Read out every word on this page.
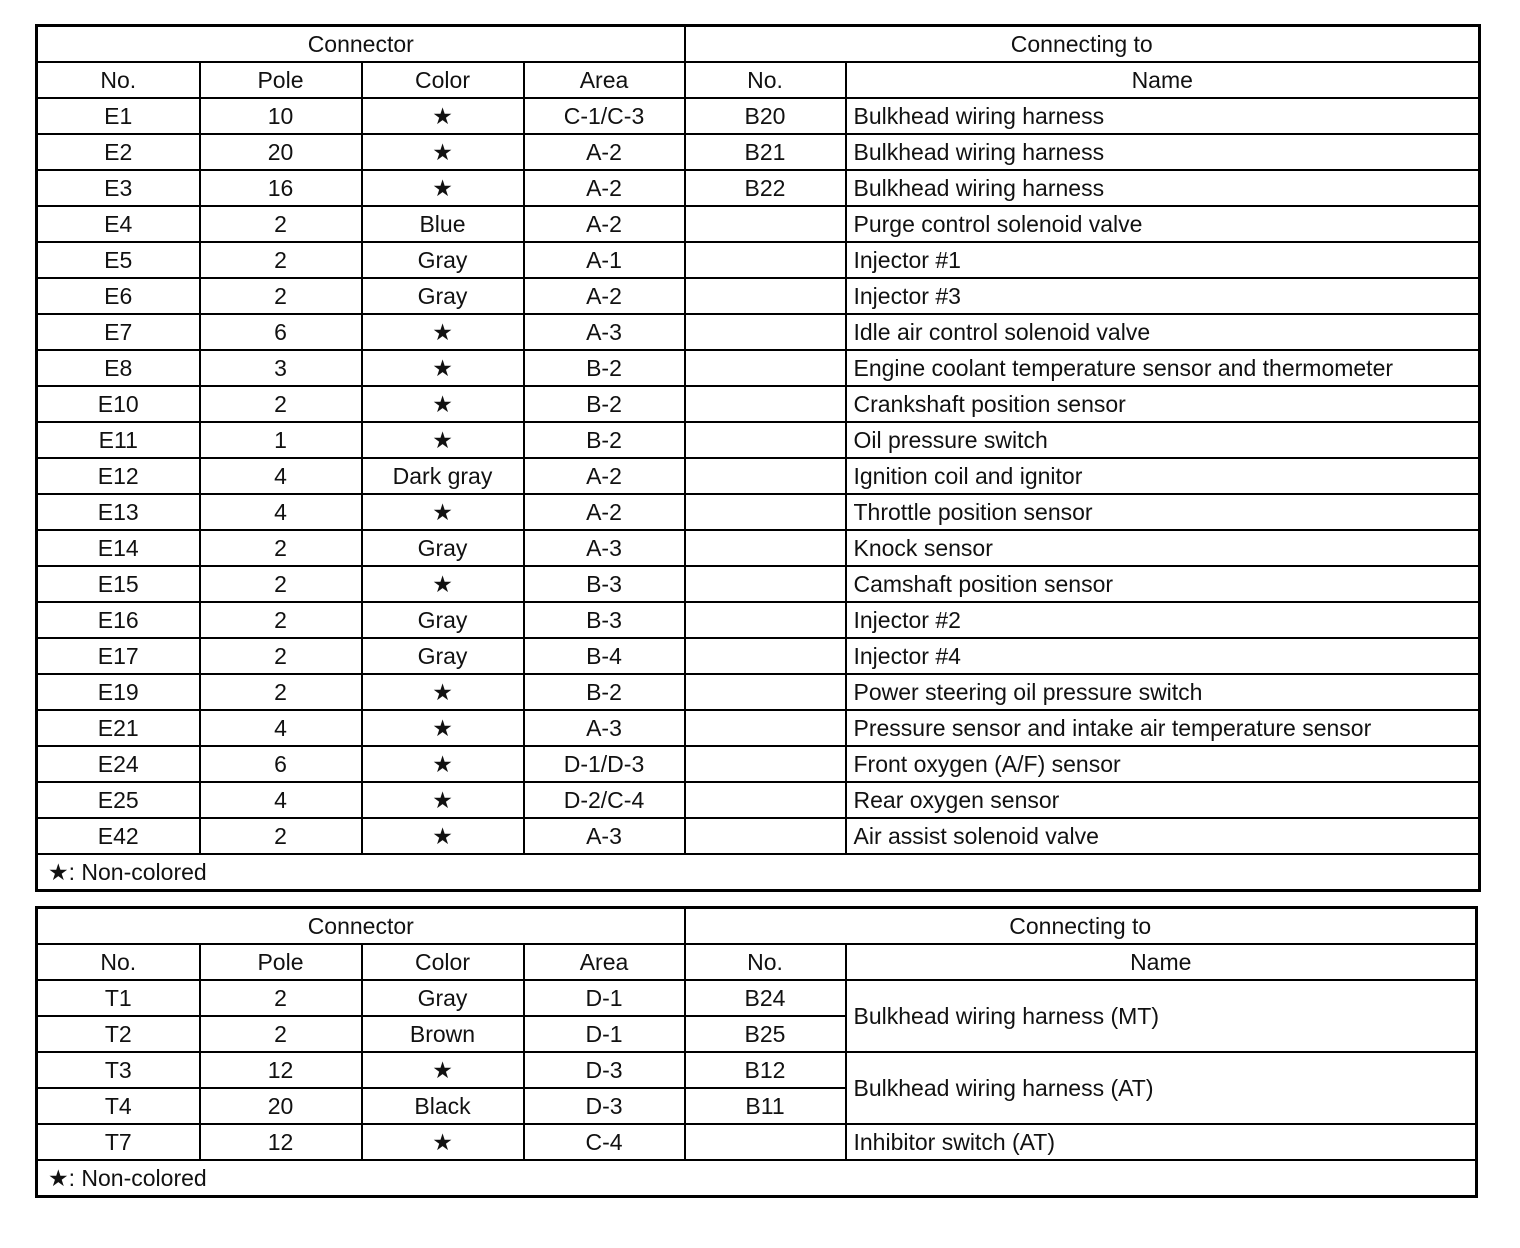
Connector				Connecting to	
No.	Pole	Color	Area	No.	Name
E1	10	★	C-1/C-3	B20	Bulkhead wiring harness
E2	20	★	A-2	B21	Bulkhead wiring harness
E3	16	★	A-2	B22	Bulkhead wiring harness
E4	2	Blue	A-2		Purge control solenoid valve
E5	2	Gray	A-1		Injector #1
E6	2	Gray	A-2		Injector #3
E7	6	★	A-3		Idle air control solenoid valve
E8	3	★	B-2		Engine coolant temperature sensor and thermometer
E10	2	★	B-2		Crankshaft position sensor
E11	1	★	B-2		Oil pressure switch
E12	4	Dark gray	A-2		Ignition coil and ignitor
E13	4	★	A-2		Throttle position sensor
E14	2	Gray	A-3		Knock sensor
E15	2	★	B-3		Camshaft position sensor
E16	2	Gray	B-3		Injector #2
E17	2	Gray	B-4		Injector #4
E19	2	★	B-2		Power steering oil pressure switch
E21	4	★	A-3		Pressure sensor and intake air temperature sensor
E24	6	★	D-1/D-3		Front oxygen (A/F) sensor
E25	4	★	D-2/C-4		Rear oxygen sensor
E42	2	★	A-3		Air assist solenoid valve
★: Non-colored					
Connector				Connecting to	
No.	Pole	Color	Area	No.	Name
T1	2	Gray	D-1	B24	Bulkhead wiring harness (MT)
T2	2	Brown	D-1	B25	
T3	12	★	D-3	B12	Bulkhead wiring harness (AT)
T4	20	Black	D-3	B11	
T7	12	★	C-4		Inhibitor switch (AT)
★: Non-colored					
